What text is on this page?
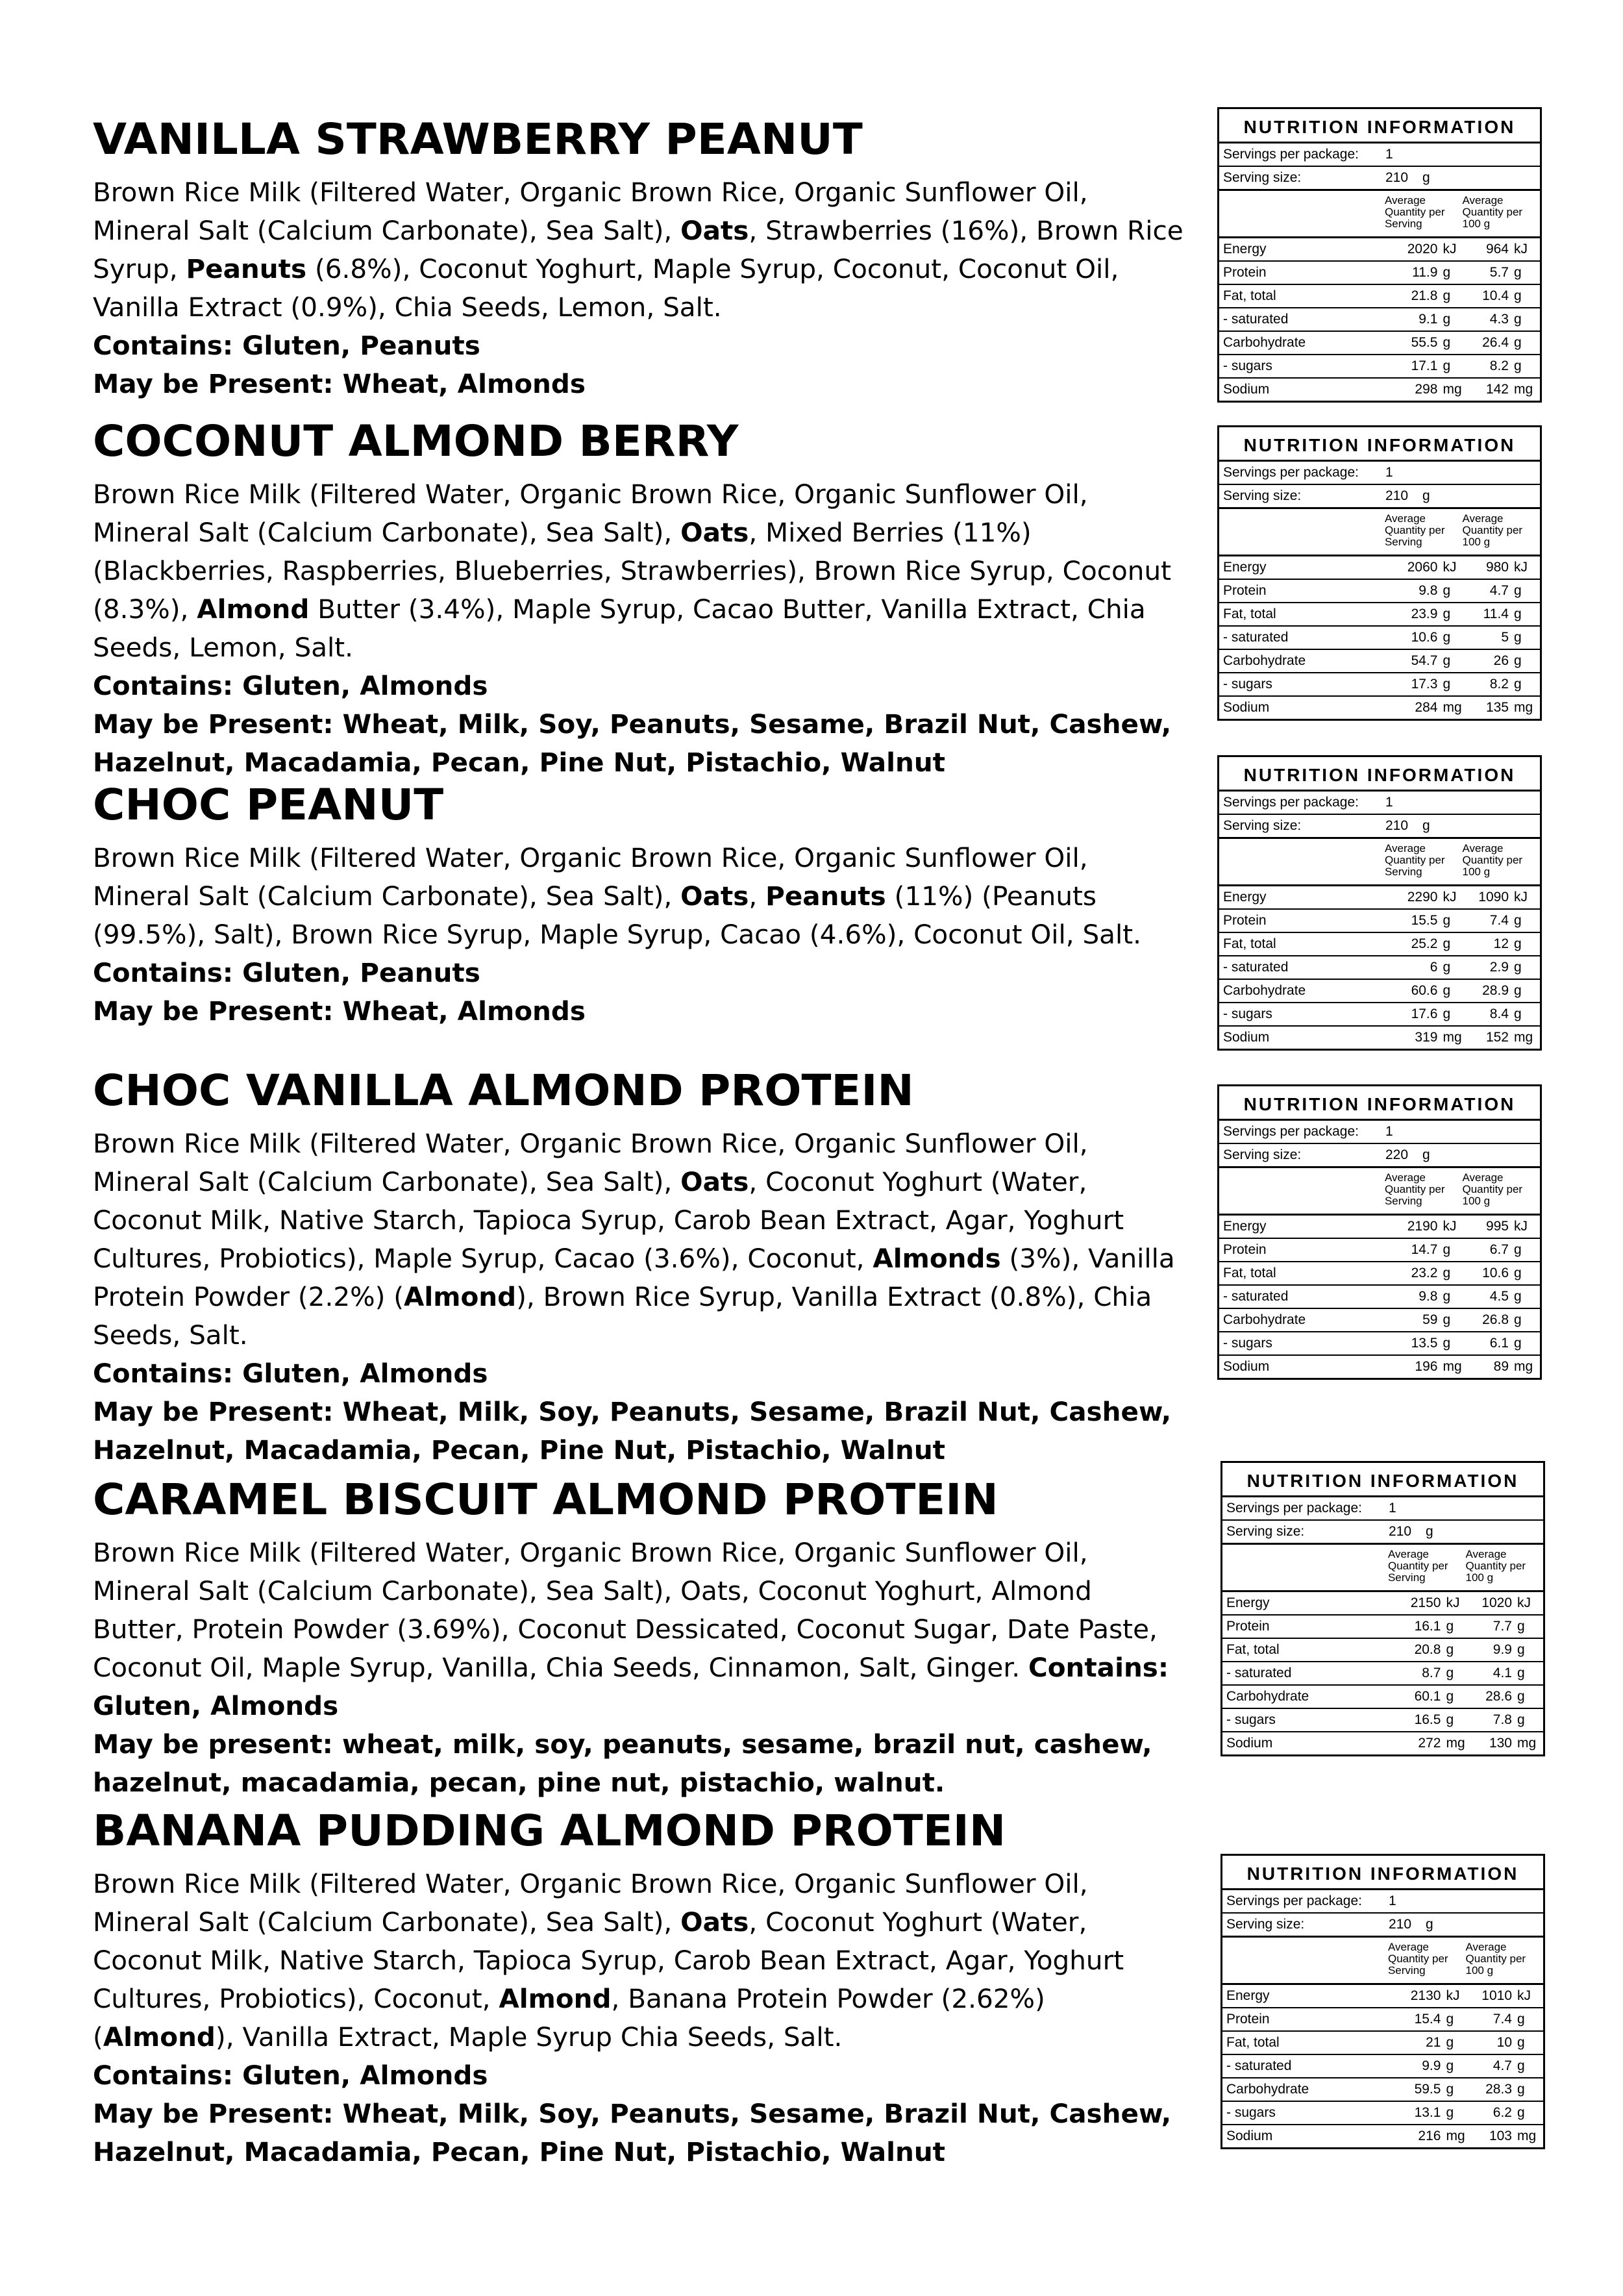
VANILLA STRAWBERRY PEANUT

Brown Rice Milk (Filtered Water, Organic Brown Rice, Organic Sunflower Oil, Mineral Salt (Calcium Carbonate), Sea Salt), Oats, Strawberries (16%), Brown Rice Syrup, Peanuts (6.8%), Coconut Yoghurt, Maple Syrup, Coconut, Coconut Oil, Vanilla Extract (0.9%), Chia Seeds, Lemon, Salt.

Contains: Gluten, Peanuts

May be Present: Wheat, Almonds

COCONUT ALMOND BERRY

Brown Rice Milk (Filtered Water, Organic Brown Rice, Organic Sunflower Oil, Mineral Salt (Calcium Carbonate), Sea Salt), Oats, Mixed Berries (11%) (Blackberries, Raspberries, Blueberries, Strawberries), Brown Rice Syrup, Coconut (8.3%), Almond Butter (3.4%), Maple Syrup, Cacao Butter, Vanilla Extract, Chia Seeds, Lemon, Salt.

Contains: Gluten, Almonds

May be Present: Wheat, Milk, Soy, Peanuts, Sesame, Brazil Nut, Cashew, Hazelnut, Macadamia, Pecan, Pine Nut, Pistachio, Walnut

CHOC PEANUT

Brown Rice Milk (Filtered Water, Organic Brown Rice, Organic Sunflower Oil, Mineral Salt (Calcium Carbonate), Sea Salt), Oats, Peanuts (11%) (Peanuts (99.5%), Salt), Brown Rice Syrup, Maple Syrup, Cacao (4.6%), Coconut Oil, Salt.

Contains: Gluten, Peanuts

May be Present: Wheat, Almonds

CHOC VANILLA ALMOND PROTEIN

Brown Rice Milk (Filtered Water, Organic Brown Rice, Organic Sunflower Oil, Mineral Salt (Calcium Carbonate), Sea Salt), Oats, Coconut Yoghurt (Water, Coconut Milk, Native Starch, Tapioca Syrup, Carob Bean Extract, Agar, Yoghurt Cultures, Probiotics), Maple Syrup, Cacao (3.6%), Coconut, Almonds (3%), Vanilla Protein Powder (2.2%) (Almond), Brown Rice Syrup, Vanilla Extract (0.8%), Chia Seeds, Salt.

Contains: Gluten, Almonds

May be Present: Wheat, Milk, Soy, Peanuts, Sesame, Brazil Nut, Cashew, Hazelnut, Macadamia, Pecan, Pine Nut, Pistachio, Walnut

CARAMEL BISCUIT ALMOND PROTEIN

Brown Rice Milk (Filtered Water, Organic Brown Rice, Organic Sunflower Oil, Mineral Salt (Calcium Carbonate), Sea Salt), Oats, Coconut Yoghurt, Almond Butter, Protein Powder (3.69%), Coconut Dessicated, Coconut Sugar, Date Paste, Coconut Oil, Maple Syrup, Vanilla, Chia Seeds, Cinnamon, Salt, Ginger. Contains: Gluten, Almonds

May be present: wheat, milk, soy, peanuts, sesame, brazil nut, cashew, hazelnut, macadamia, pecan, pine nut, pistachio, walnut.

BANANA PUDDING ALMOND PROTEIN

Brown Rice Milk (Filtered Water, Organic Brown Rice, Organic Sunflower Oil, Mineral Salt (Calcium Carbonate), Sea Salt), Oats, Coconut Yoghurt (Water, Coconut Milk, Native Starch, Tapioca Syrup, Carob Bean Extract, Agar, Yoghurt Cultures, Probiotics), Coconut, Almond, Banana Protein Powder (2.62%) (Almond), Vanilla Extract, Maple Syrup Chia Seeds, Salt.

Contains: Gluten, Almonds

May be Present: Wheat, Milk, Soy, Peanuts, Sesame, Brazil Nut, Cashew, Hazelnut, Macadamia, Pecan, Pine Nut, Pistachio, Walnut

NUTRITION INFORMATION
Servings per package:	1
Serving size:	210	g
Average Quantity per Serving
Average Quantity per 100 g
Energy	2020 kJ	964 kJ
Protein	11.9 g	5.7 g
Fat, total	21.8 g	10.4 g
- saturated	9.1 g	4.3 g
Carbohydrate	55.5 g	26.4 g
- sugars	17.1 g	8.2 g
Sodium	298 mg	142 mg
NUTRITION INFORMATION
Servings per package:	1
Serving size:	210	g
Average Quantity per Serving
Average Quantity per 100 g
Energy	2060 kJ	980 kJ
Protein	9.8 g	4.7 g
Fat, total	23.9 g	11.4 g
- saturated	10.6 g	5 g
Carbohydrate	54.7 g	26 g
- sugars	17.3 g	8.2 g
Sodium	284 mg	135 mg
NUTRITION INFORMATION
Servings per package:	1
Serving size:	210	g
Average Quantity per Serving
Average Quantity per 100 g
Energy	2290 kJ	1090 kJ
Protein	15.5 g	7.4 g
Fat, total	25.2 g	12 g
- saturated	6 g	2.9 g
Carbohydrate	60.6 g	28.9 g
- sugars	17.6 g	8.4 g
Sodium	319 mg	152 mg
NUTRITION INFORMATION
Servings per package:	1
Serving size:	220	g
Average Quantity per Serving
Average Quantity per 100 g
Energy	2190 kJ	995 kJ
Protein	14.7 g	6.7 g
Fat, total	23.2 g	10.6 g
- saturated	9.8 g	4.5 g
Carbohydrate	59 g	26.8 g
- sugars	13.5 g	6.1 g
Sodium	196 mg	89 mg
NUTRITION INFORMATION
Servings per package:	1
Serving size:	210	g
Average Quantity per Serving
Average Quantity per 100 g
Energy	2150 kJ	1020 kJ
Protein	16.1 g	7.7 g
Fat, total	20.8 g	9.9 g
- saturated	8.7 g	4.1 g
Carbohydrate	60.1 g	28.6 g
- sugars	16.5 g	7.8 g
Sodium	272 mg	130 mg
NUTRITION INFORMATION
Servings per package:	1
Serving size:	210	g
Average Quantity per Serving
Average Quantity per 100 g
Energy	2130 kJ	1010 kJ
Protein	15.4 g	7.4 g
Fat, total	21 g	10 g
- saturated	9.9 g	4.7 g
Carbohydrate	59.5 g	28.3 g
- sugars	13.1 g	6.2 g
Sodium	216 mg	103 mg
